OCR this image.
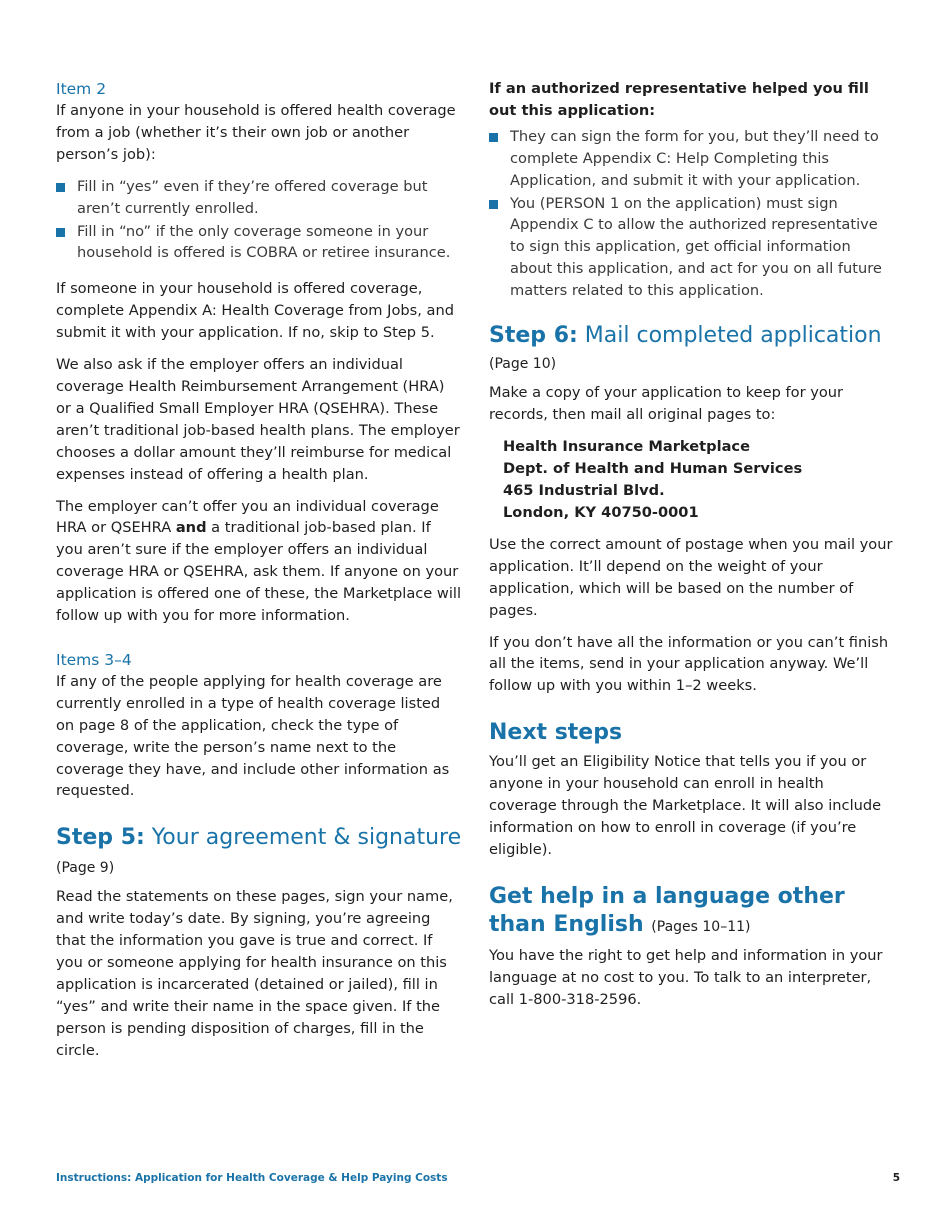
Item 2

If anyone in your household is offered health coverage from a job (whether it’s their own job or another person’s job):

Fill in “yes” even if they’re offered coverage but aren’t currently enrolled.
Fill in “no” if the only coverage someone in your household is offered is COBRA or retiree insurance.

If someone in your household is offered coverage, complete Appendix A: Health Coverage from Jobs, and submit it with your application. If no, skip to Step 5.

We also ask if the employer offers an individual coverage Health Reimbursement Arrangement (HRA) or a Qualified Small Employer HRA (QSEHRA). These aren’t traditional job-based health plans. The employer chooses a dollar amount they’ll reimburse for medical expenses instead of offering a health plan.

The employer can’t offer you an individual coverage HRA or QSEHRA and a traditional job-based plan. If you aren’t sure if the employer offers an individual coverage HRA or QSEHRA, ask them. If anyone on your application is offered one of these, the Marketplace will follow up with you for more information.

Items 3–4

If any of the people applying for health coverage are currently enrolled in a type of health coverage listed on page 8 of the application, check the type of coverage, write the person’s name next to the coverage they have, and include other information as requested.

Step 5: Your agreement & signature (Page 9)

Read the statements on these pages, sign your name, and write today’s date. By signing, you’re agreeing that the information you gave is true and correct. If you or someone applying for health insurance on this application is incarcerated (detained or jailed), fill in “yes” and write their name in the space given. If the person is pending disposition of charges, fill in the circle.

If an authorized representative helped you fill out this application:

They can sign the form for you, but they’ll need to complete Appendix C: Help Completing this Application, and submit it with your application.
You (PERSON 1 on the application) must sign Appendix C to allow the authorized representative to sign this application, get official information about this application, and act for you on all future matters related to this application.
Step 6: Mail completed application

(Page 10)

Make a copy of your application to keep for your records, then mail all original pages to:

Health Insurance Marketplace
Dept. of Health and Human Services
465 Industrial Blvd.
London, KY 40750-0001

Use the correct amount of postage when you mail your application. It’ll depend on the weight of your application, which will be based on the number of pages.

If you don’t have all the information or you can’t finish all the items, send in your application anyway. We’ll follow up with you within 1–2 weeks.

Next steps

You’ll get an Eligibility Notice that tells you if you or anyone in your household can enroll in health coverage through the Marketplace. It will also include information on how to enroll in coverage (if you’re eligible).

Get help in a language other than English (Pages 10–11)

You have the right to get help and information in your language at no cost to you. To talk to an interpreter, call 1-800-318-2596.

Instructions: Application for Health Coverage & Help Paying Costs	5
